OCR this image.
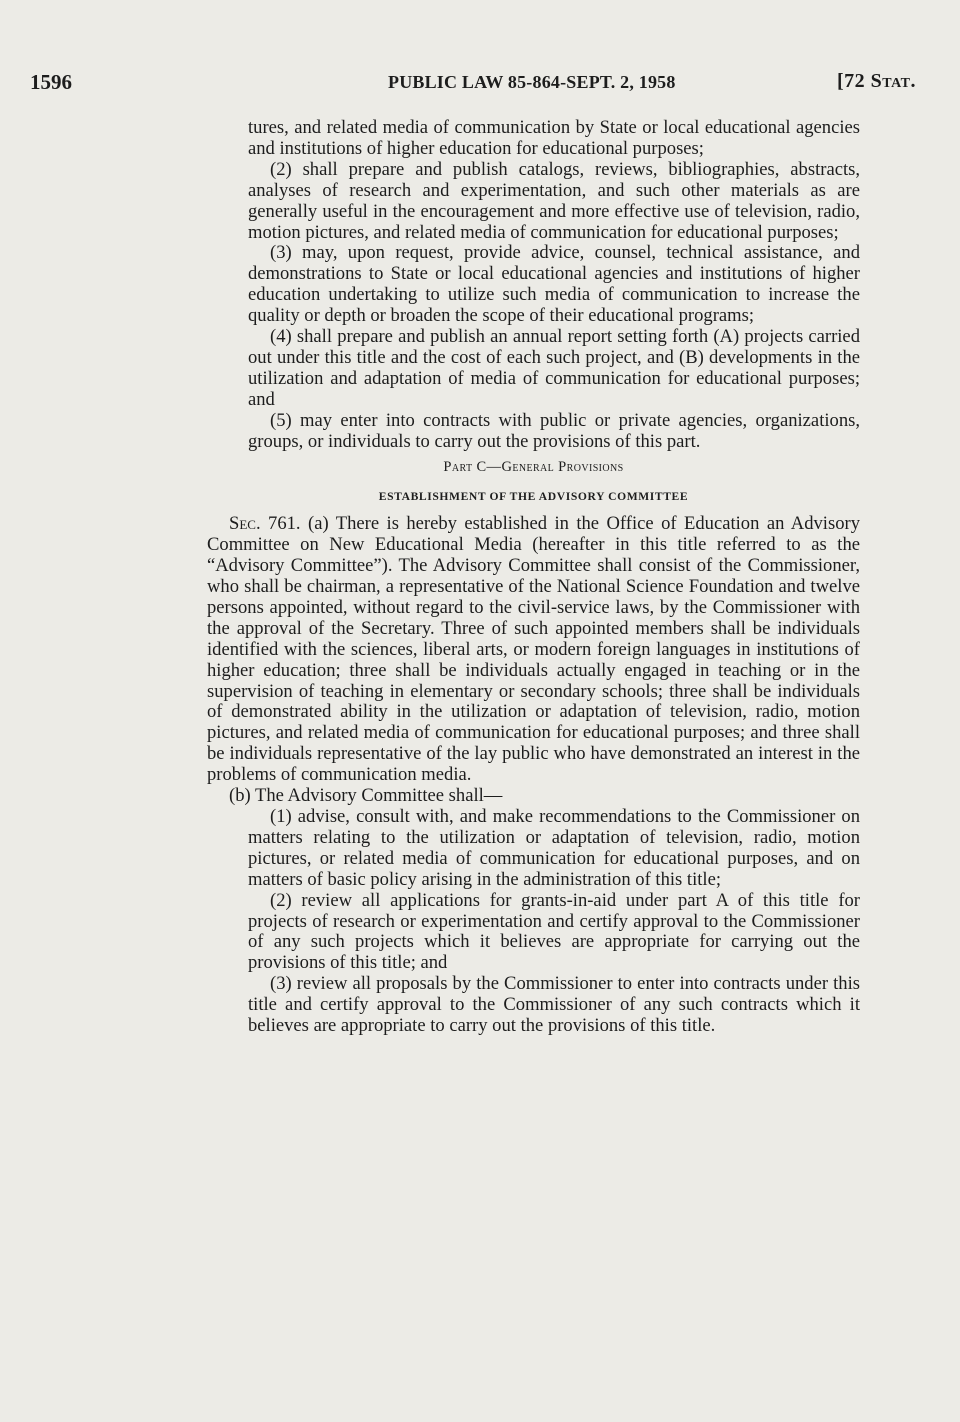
1596	PUBLIC LAW 85-864-SEPT. 2, 1958	[72 Stat.

tures, and related media of communication by State or local educational agencies and institutions of higher education for educational purposes;

(2) shall prepare and publish catalogs, reviews, bibliographies, abstracts, analyses of research and experimentation, and such other materials as are generally useful in the encouragement and more effective use of television, radio, motion pictures, and related media of communication for educational purposes;

(3) may, upon request, provide advice, counsel, technical assistance, and demonstrations to State or local educational agencies and institutions of higher education undertaking to utilize such media of communication to increase the quality or depth or broaden the scope of their educational programs;

(4) shall prepare and publish an annual report setting forth (A) projects carried out under this title and the cost of each such project, and (B) developments in the utilization and adaptation of media of communication for educational purposes; and

(5) may enter into contracts with public or private agencies, organizations, groups, or individuals to carry out the provisions of this part.

Part C—General Provisions

ESTABLISHMENT OF THE ADVISORY COMMITTEE

Sec. 761. (a) There is hereby established in the Office of Education an Advisory Committee on New Educational Media (hereafter in this title referred to as the “Advisory Committee”). The Advisory Committee shall consist of the Commissioner, who shall be chairman, a representative of the National Science Foundation and twelve persons appointed, without regard to the civil-service laws, by the Commissioner with the approval of the Secretary. Three of such appointed members shall be individuals identified with the sciences, liberal arts, or modern foreign languages in institutions of higher education; three shall be individuals actually engaged in teaching or in the supervision of teaching in elementary or secondary schools; three shall be individuals of demonstrated ability in the utilization or adaptation of television, radio, motion pictures, and related media of communication for educational purposes; and three shall be individuals representative of the lay public who have demonstrated an interest in the problems of communication media.

(b) The Advisory Committee shall—

(1) advise, consult with, and make recommendations to the Commissioner on matters relating to the utilization or adaptation of television, radio, motion pictures, or related media of communication for educational purposes, and on matters of basic policy arising in the administration of this title;

(2) review all applications for grants-in-aid under part A of this title for projects of research or experimentation and certify approval to the Commissioner of any such projects which it believes are appropriate for carrying out the provisions of this title; and

(3) review all proposals by the Commissioner to enter into contracts under this title and certify approval to the Commissioner of any such contracts which it believes are appropriate to carry out the provisions of this title.
